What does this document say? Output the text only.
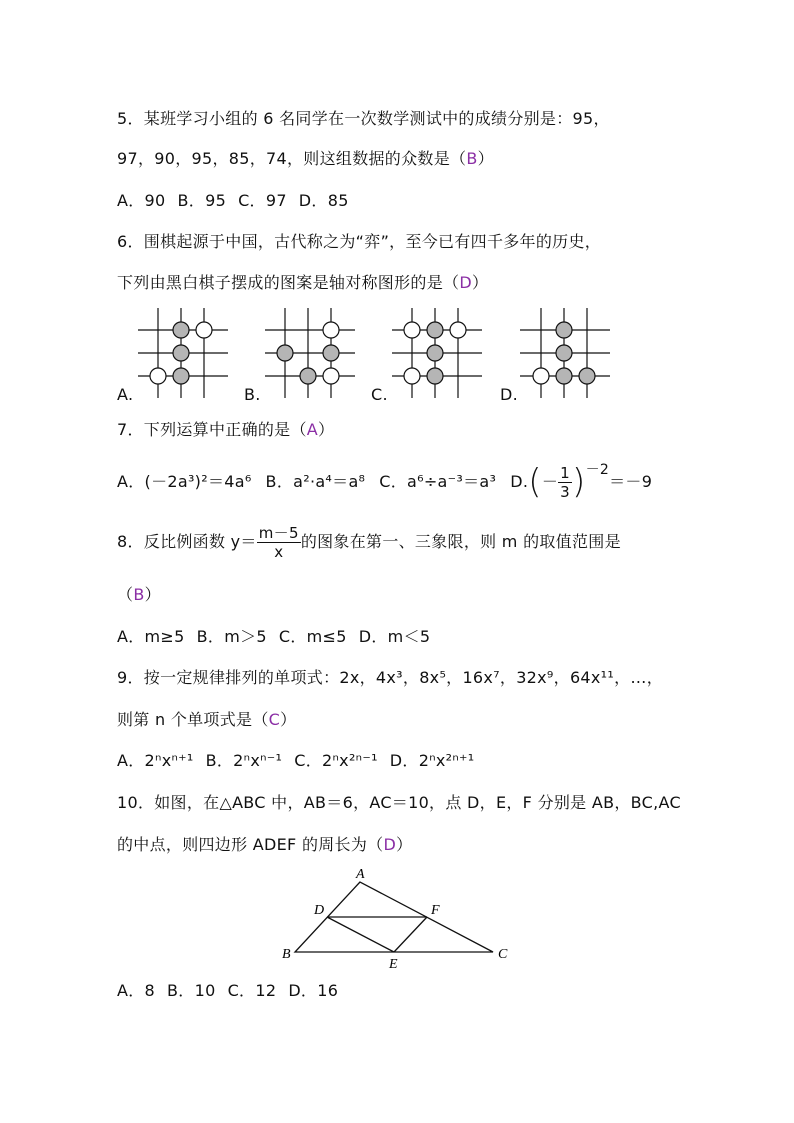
5．某班学习小组的 6 名同学在一次数学测试中的成绩分别是：95，
97，90，95，85，74，则这组数据的众数是（B）
A．90 B．95 C．97 D．85
6．围棋起源于中国，古代称之为“弈”，至今已有四千多年的历史，
下列由黑白棋子摆成的图案是轴对称图形的是（D）
A.	B.	C.	D.
7．下列运算中正确的是（A）
A．(－2a³)²＝4a⁶ B．a²·a⁴＝a⁸ C．a⁶÷a⁻³＝a³ D. ( － $\frac{1}{3}$ ) －2
＝－9
8．反比例函数 $y= \frac{m-5}{x}$ 的图象在第一、三象限，则 m 的取值范围是
（B）
A．m≥5 B．m＞5 C．m≤5 D．m＜5
9．按一定规律排列的单项式：2x，4x³，8x⁵，16x⁷，32x⁹，64x¹¹，…，
则第 n 个单项式是（C）
A．2ⁿxⁿ⁺¹ B．2ⁿxⁿ⁻¹ C．2ⁿx²ⁿ⁻¹ D．2ⁿx²ⁿ⁺¹
10．如图，在△ABC 中，AB＝6，AC＝10，点 D，E，F 分别是 AB，BC,AC
的中点，则四边形 ADEF 的周长为（D）
A
B	C
D
E
F
A．8 B．10 C．12 D．16
